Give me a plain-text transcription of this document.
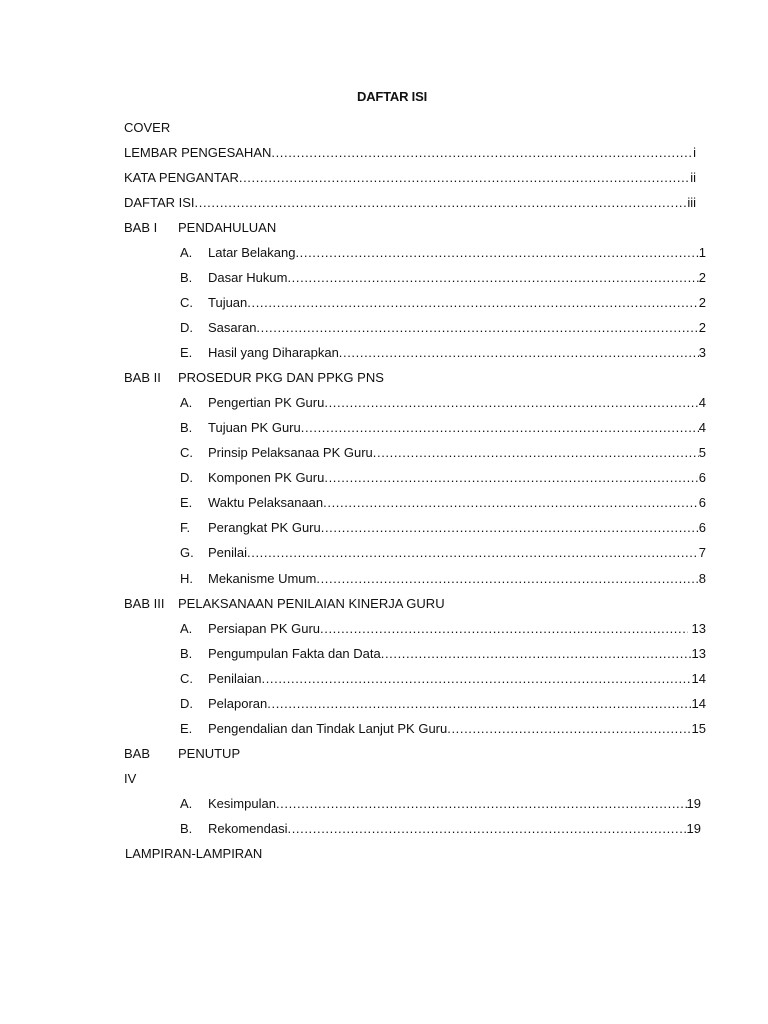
DAFTAR ISI
COVER
LEMBAR PENGESAHAN .....	i
KATA PENGANTAR .....	ii
DAFTAR ISI .....	iii
BAB I PENDAHULUAN
A.	Latar Belakang .....	1
B.	Dasar Hukum .....	2
C.	Tujuan .....	2
D.	Sasaran .....	2
E.	Hasil yang Diharapkan .....	3
BAB II PROSEDUR PKG DAN PPKG PNS
A.	Pengertian PK Guru .....	4
B.	Tujuan PK Guru .....	4
C.	Prinsip Pelaksanaa PK Guru .....	5
D.	Komponen PK Guru .....	6
E.	Waktu Pelaksanaan .....	6
F.	Perangkat PK Guru .....	6
G.	Penilai .....	7
H.	Mekanisme Umum .....	8
BAB III PELAKSANAAN PENILAIAN KINERJA GURU
A.	Persiapan PK Guru .....	13
B.	Pengumpulan Fakta dan Data .....	13
C.	Penilaian .....	14
D.	Pelaporan .....	14
E.	Pengendalian dan Tindak Lanjut PK Guru .....	15
BAB PENUTUP
IV
A.	Kesimpulan .....	19
B.	Rekomendasi .....	19
LAMPIRAN-LAMPIRAN
